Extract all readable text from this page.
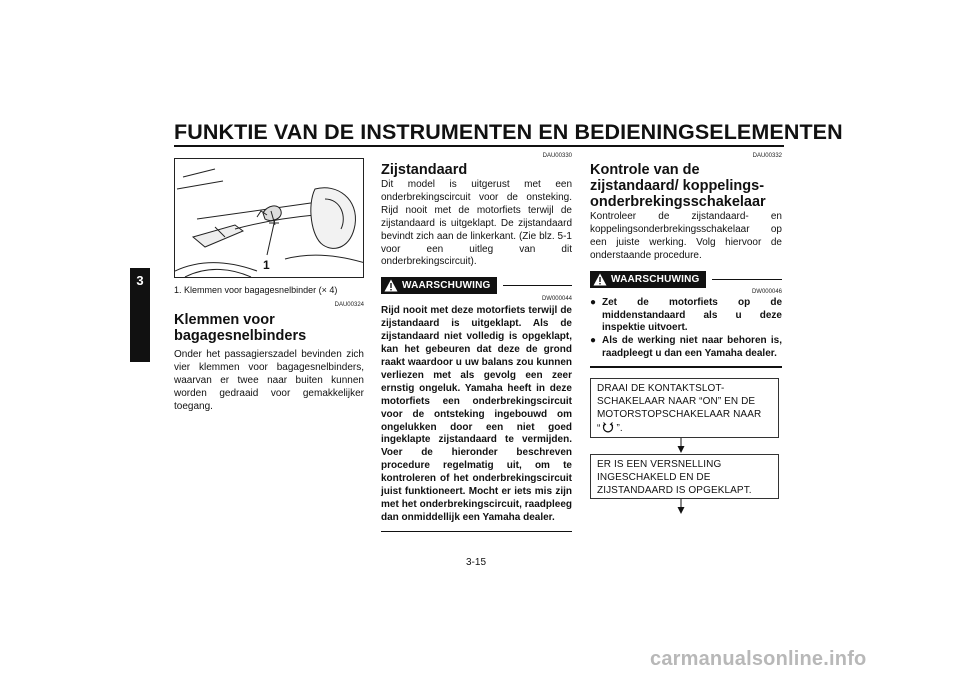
FUNKTIE VAN DE INSTRUMENTEN EN BEDIENINGSELEMENTEN
3
1
1. Klemmen voor bagagesnelbinder (× 4)
DAU00324
Klemmen voor bagagesnelbinders
Onder het passagierszadel bevinden zich vier klemmen voor bagagesnelbinders, waarvan er twee naar buiten kunnen worden gedraaid voor gemakkelijker toegang.
DAU00330
Zijstandaard
Dit model is uitgerust met een onderbrekingscircuit voor de onsteking. Rijd nooit met de motorfiets terwijl de zijstandaard is uitgeklapt. De zijstandaard bevindt zich aan de linkerkant. (Zie blz. 5-1 voor een uitleg van dit onderbrekingscircuit).
WAARSCHUWING
DW000044
Rijd nooit met deze motorfiets terwijl de zijstandaard is uitgeklapt. Als de zijstandaard niet volledig is opgeklapt, kan het gebeuren dat deze de grond raakt waardoor u uw balans zou kunnen verliezen met als gevolg een zeer ernstig ongeluk. Yamaha heeft in deze motorfiets een onderbrekingscircuit voor de ontsteking ingebouwd om ongelukken door een niet goed ingeklapte zijstandaard te vermijden. Voer de hieronder beschreven procedure regelmatig uit, om te kontroleren of het onderbrekingscircuit juist funktioneert. Mocht er iets mis zijn met het onderbrekingscircuit, raadpleeg dan onmiddellijk een Yamaha dealer.
DAU00332
Kontrole van de zijstandaard/ koppelings-onderbrekingsschakelaar
Kontroleer de zijstandaard- en koppelingsonderbrekingsschakelaar op een juiste werking. Volg hiervoor de onderstaande procedure.
WAARSCHUWING
DW000046
● Zet de motorfiets op de middenstandaard als u deze inspektie uitvoert.
● Als de werking niet naar behoren is, raadpleegt u dan een Yamaha dealer.
DRAAI DE KONTAKTSLOT-SCHAKELAAR NAAR “ON” EN DE MOTORSTOPSCHAKELAAR NAAR
“ ”.
ER IS EEN VERSNELLING INGESCHAKELD EN DE ZIJSTANDAARD IS OPGEKLAPT.
3-15
carmanualsonline.info
